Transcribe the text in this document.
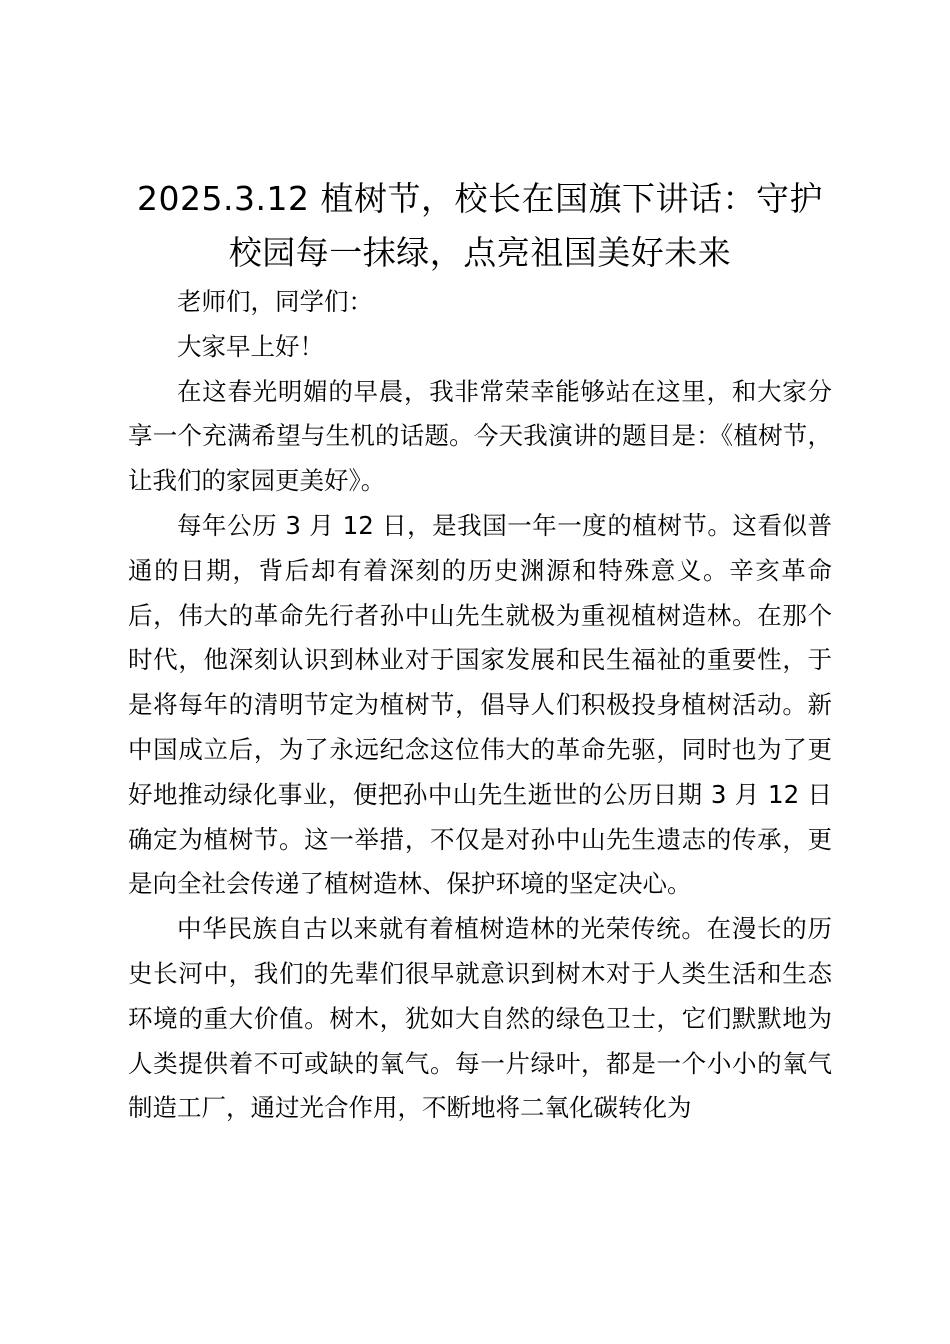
2025.3.12 植树节，校长在国旗下讲话：守护校园每一抹绿，点亮祖国美好未来

老师们，同学们：

大家早上好！

在这春光明媚的早晨，我非常荣幸能够站在这里，和大家分享一个充满希望与生机的话题。今天我演讲的题目是：《植树节，让我们的家园更美好》。

每年公历 3 月 12 日，是我国一年一度的植树节。这看似普通的日期，背后却有着深刻的历史渊源和特殊意义。辛亥革命后，伟大的革命先行者孙中山先生就极为重视植树造林。在那个时代，他深刻认识到林业对于国家发展和民生福祉的重要性，于是将每年的清明节定为植树节，倡导人们积极投身植树活动。新中国成立后，为了永远纪念这位伟大的革命先驱，同时也为了更好地推动绿化事业，便把孙中山先生逝世的公历日期 3 月 12 日确定为植树节。这一举措，不仅是对孙中山先生遗志的传承，更是向全社会传递了植树造林、保护环境的坚定决心。

中华民族自古以来就有着植树造林的光荣传统。在漫长的历史长河中，我们的先辈们很早就意识到树木对于人类生活和生态环境的重大价值。树木，犹如大自然的绿色卫士，它们默默地为人类提供着不可或缺的氧气。每一片绿叶，都是一个小小的氧气制造工厂，通过光合作用，不断地将二氧化碳转化为
